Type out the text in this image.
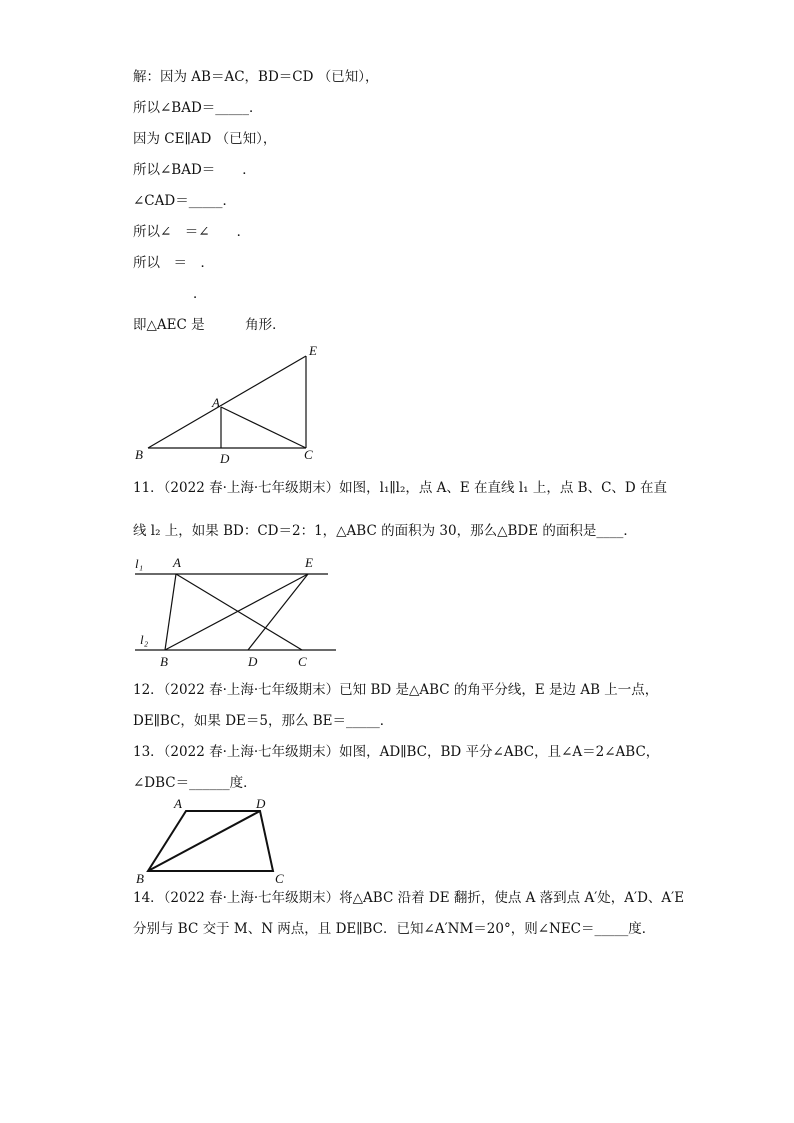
解：因为 AB＝AC，BD＝CD （已知），
所以∠BAD＝_____．
因为 CE∥AD （已知），
所以∠BAD＝　　．
∠CAD＝_____．
所以∠　＝∠　　．
所以　＝　．
．
即△AEC 是　　　角形．
E
A
B	D	C
11．（2022 春·上海·七年级期末）如图，l₁∥l₂，点 A、E 在直线 l₁ 上，点 B、C、D 在直
线 l₂ 上，如果 BD：CD＝2：1，△ABC 的面积为 30，那么△BDE 的面积是____．
l₁ A	E
l₂
B	D	C
12．（2022 春·上海·七年级期末）已知 BD 是△ABC 的角平分线，E 是边 AB 上一点，
DE∥BC，如果 DE＝5，那么 BE＝_____．
13．（2022 春·上海·七年级期末）如图，AD∥BC，BD 平分∠ABC，且∠A＝2∠ABC，
∠DBC＝______度．
A	D
B	C
14．（2022 春·上海·七年级期末）将△ABC 沿着 DE 翻折，使点 A 落到点 A′处，A′D、A′E
分别与 BC 交于 M、N 两点，且 DE∥BC．已知∠A′NM＝20°，则∠NEC＝_____度．
